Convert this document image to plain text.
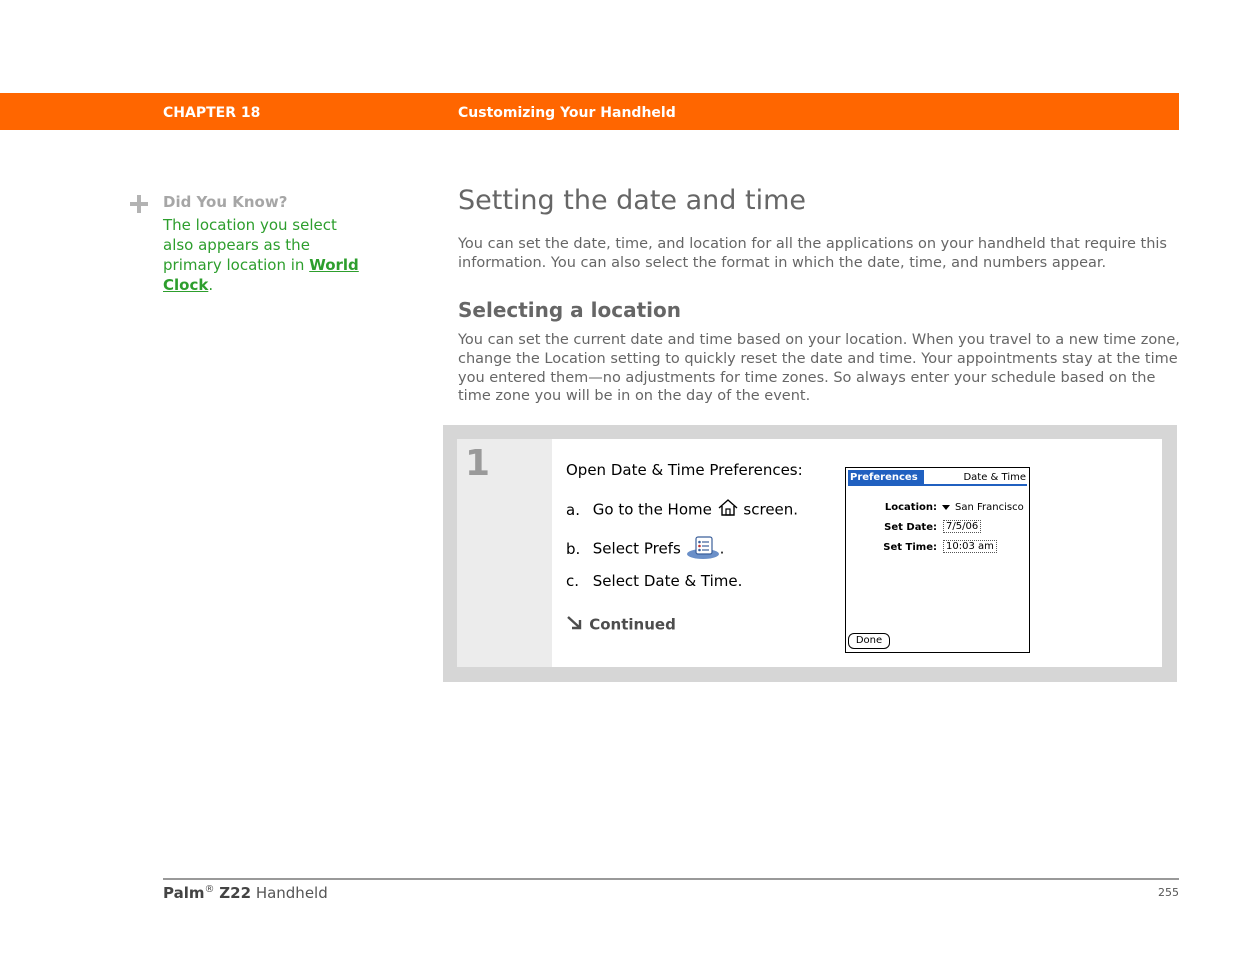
CHAPTER 18	Customizing Your Handheld
Did You Know?
The location you select also appears as the primary location in World
Clock.
Setting the date and time

You can set the date, time, and location for all the applications on your handheld that require this information. You can also select the format in which the date, time, and numbers appear.

Selecting a location

You can set the current date and time based on your location. When you travel to a new time zone, change the Location setting to quickly reset the date and time. Your appointments stay at the time you entered them—no adjustments for time zones. So always enter your schedule based on the time zone you will be in on the day of the event.

1	Open Date & Time Preferences:
a. Go to the Home screen.
b. Select Prefs	.
c. Select Date & Time.
Continued
Preferences	Date & Time
Location:	San Francisco
Set Date: 7/5/06
Set Time: 10:03 am
Done
Palm® Z22 Handheld	255
